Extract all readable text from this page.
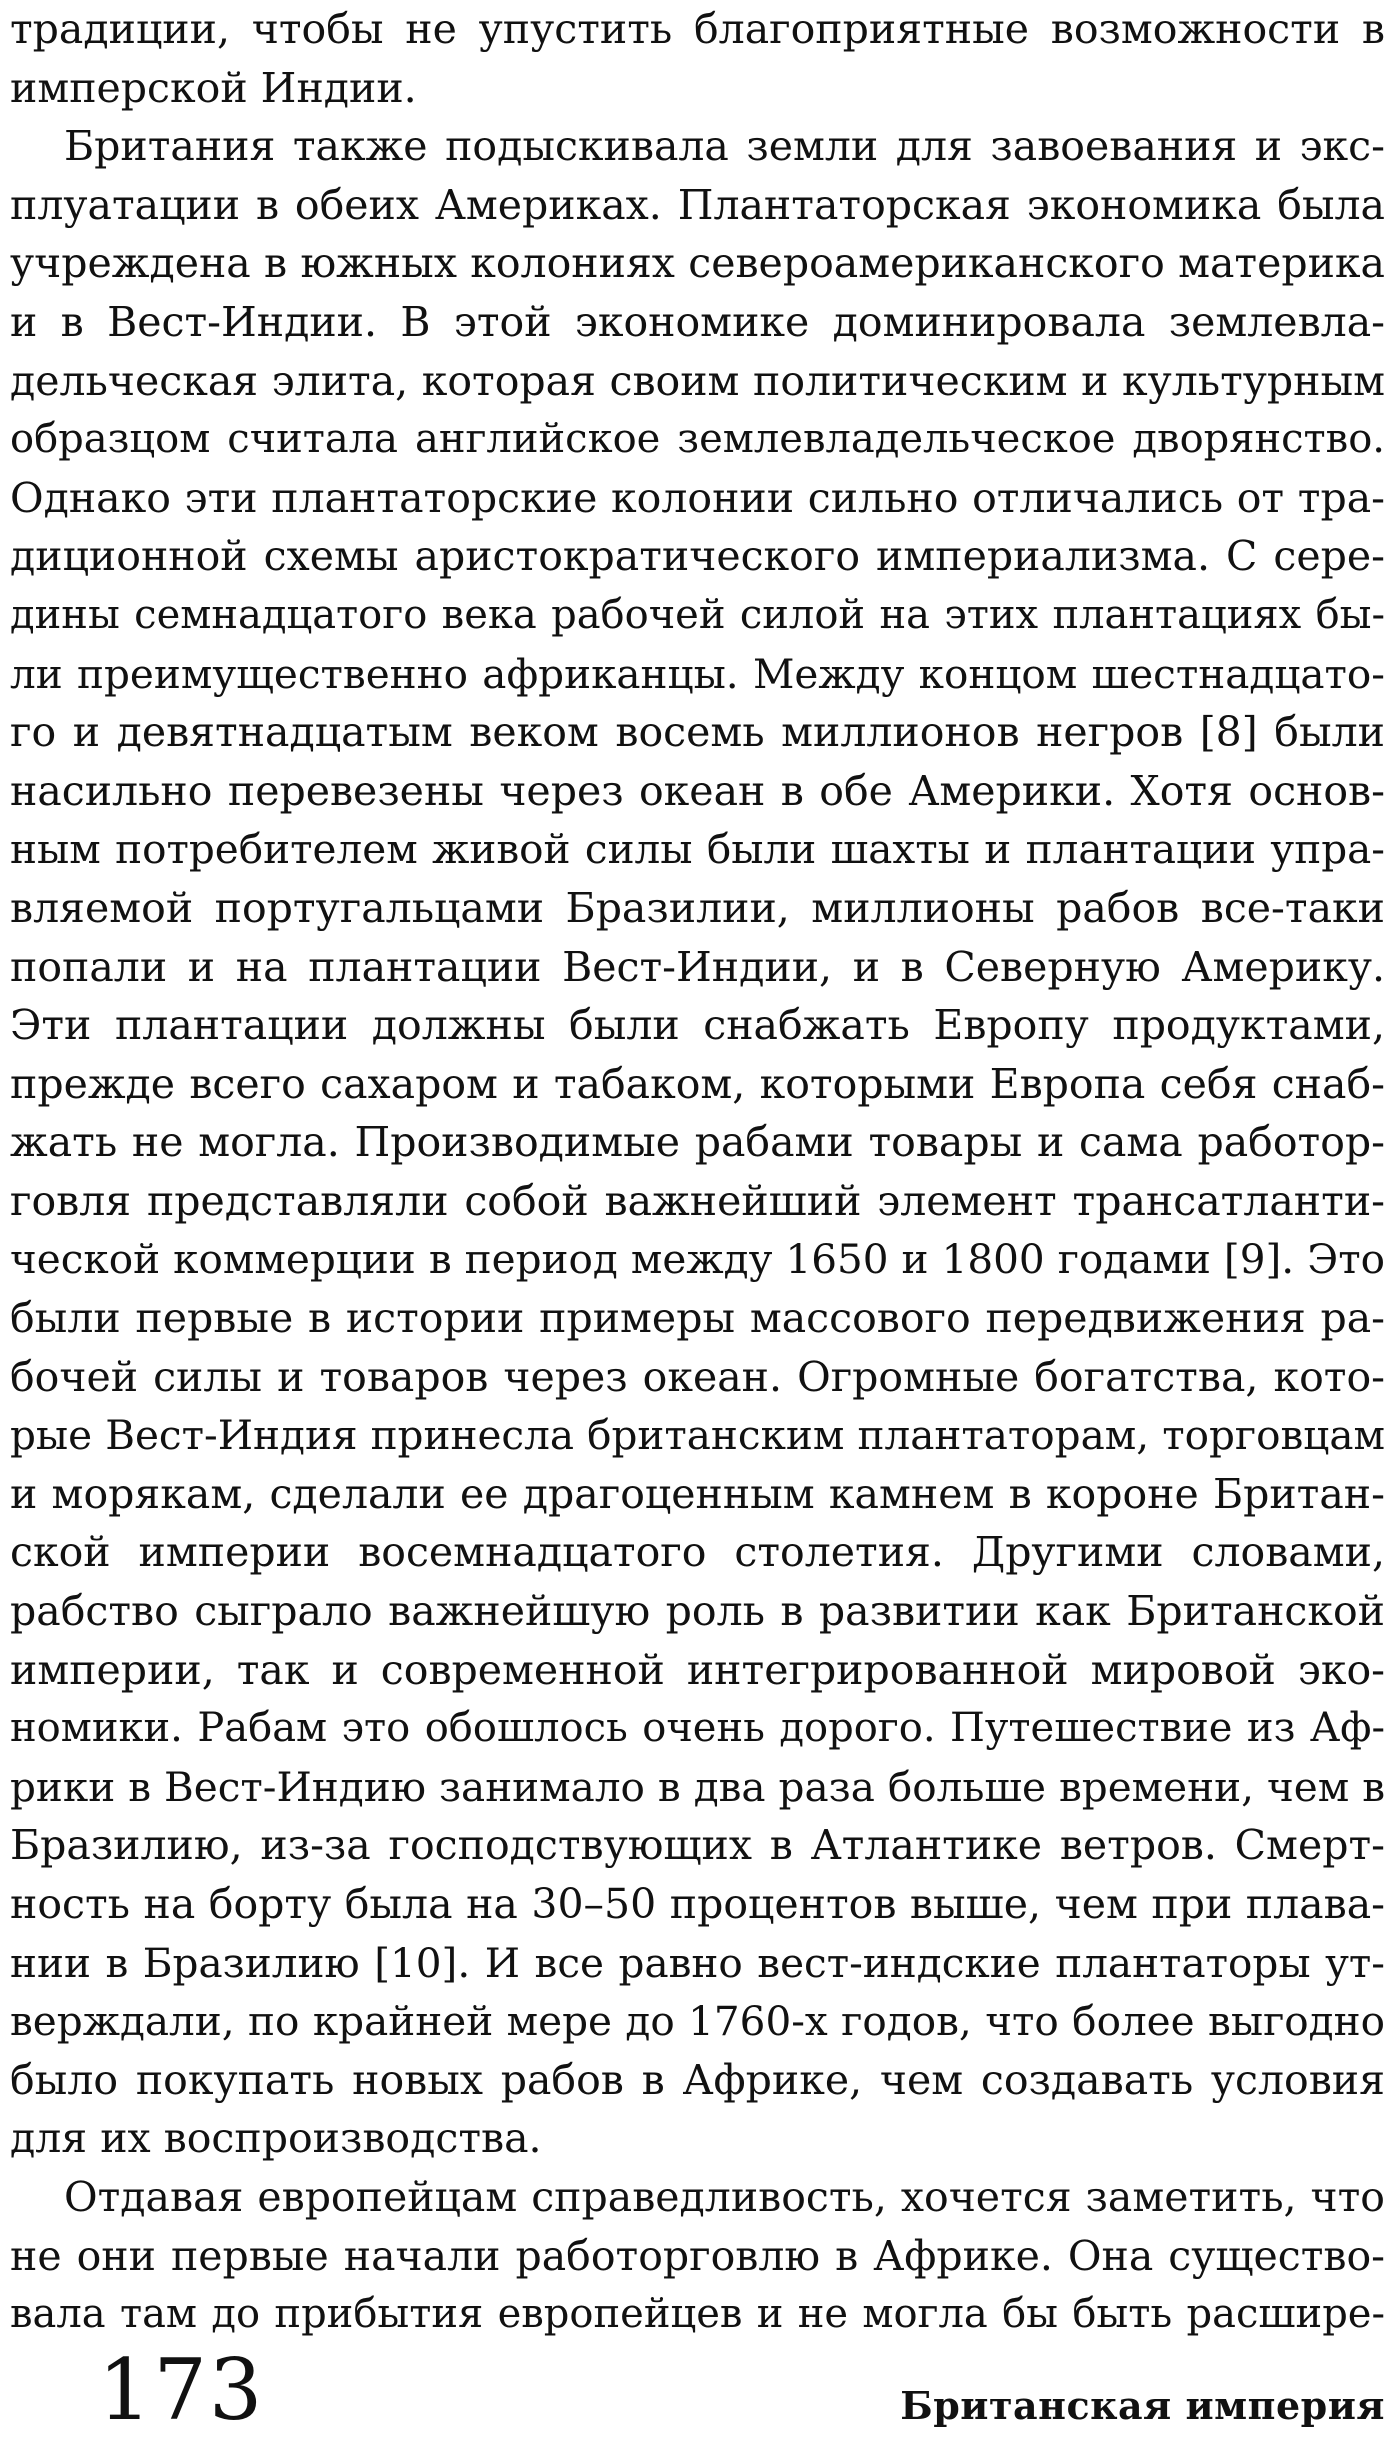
традиции, чтобы не упустить благоприятные возможности в
имперской Индии.
Британия также подыскивала земли для завоевания и экс-
плуатации в обеих Америках. Плантаторская экономика была
учреждена в южных колониях североамериканского материка
и в Вест-Индии. В этой экономике доминировала землевла-
дельческая элита, которая своим политическим и культурным
образцом считала английское землевладельческое дворянство.
Однако эти плантаторские колонии сильно отличались от тра-
диционной схемы аристократического империализма. С сере-
дины семнадцатого века рабочей силой на этих плантациях бы-
ли преимущественно африканцы. Между концом шестнадцато-
го и девятнадцатым веком восемь миллионов негров [8] были
насильно перевезены через океан в обе Америки. Хотя основ-
ным потребителем живой силы были шахты и плантации упра-
вляемой португальцами Бразилии, миллионы рабов все-таки
попали и на плантации Вест-Индии, и в Северную Америку.
Эти плантации должны были снабжать Европу продуктами,
прежде всего сахаром и табаком, которыми Европа себя снаб-
жать не могла. Производимые рабами товары и сама работор-
говля представляли собой важнейший элемент трансатланти-
ческой коммерции в период между 1650 и 1800 годами [9]. Это
были первые в истории примеры массового передвижения ра-
бочей силы и товаров через океан. Огромные богатства, кото-
рые Вест-Индия принесла британским плантаторам, торговцам
и морякам, сделали ее драгоценным камнем в короне Британ-
ской империи восемнадцатого столетия. Другими словами,
рабство сыграло важнейшую роль в развитии как Британской
империи, так и современной интегрированной мировой эко-
номики. Рабам это обошлось очень дорого. Путешествие из Аф-
рики в Вест-Индию занимало в два раза больше времени, чем в
Бразилию, из-за господствующих в Атлантике ветров. Смерт-
ность на борту была на 30–50 процентов выше, чем при плава-
нии в Бразилию [10]. И все равно вест-индские плантаторы ут-
верждали, по крайней мере до 1760-х годов, что более выгодно
было покупать новых рабов в Африке, чем создавать условия
для их воспроизводства.
Отдавая европейцам справедливость, хочется заметить, что
не они первые начали работорговлю в Африке. Она существо-
вала там до прибытия европейцев и не могла бы быть расшире-
173	Британская империя
